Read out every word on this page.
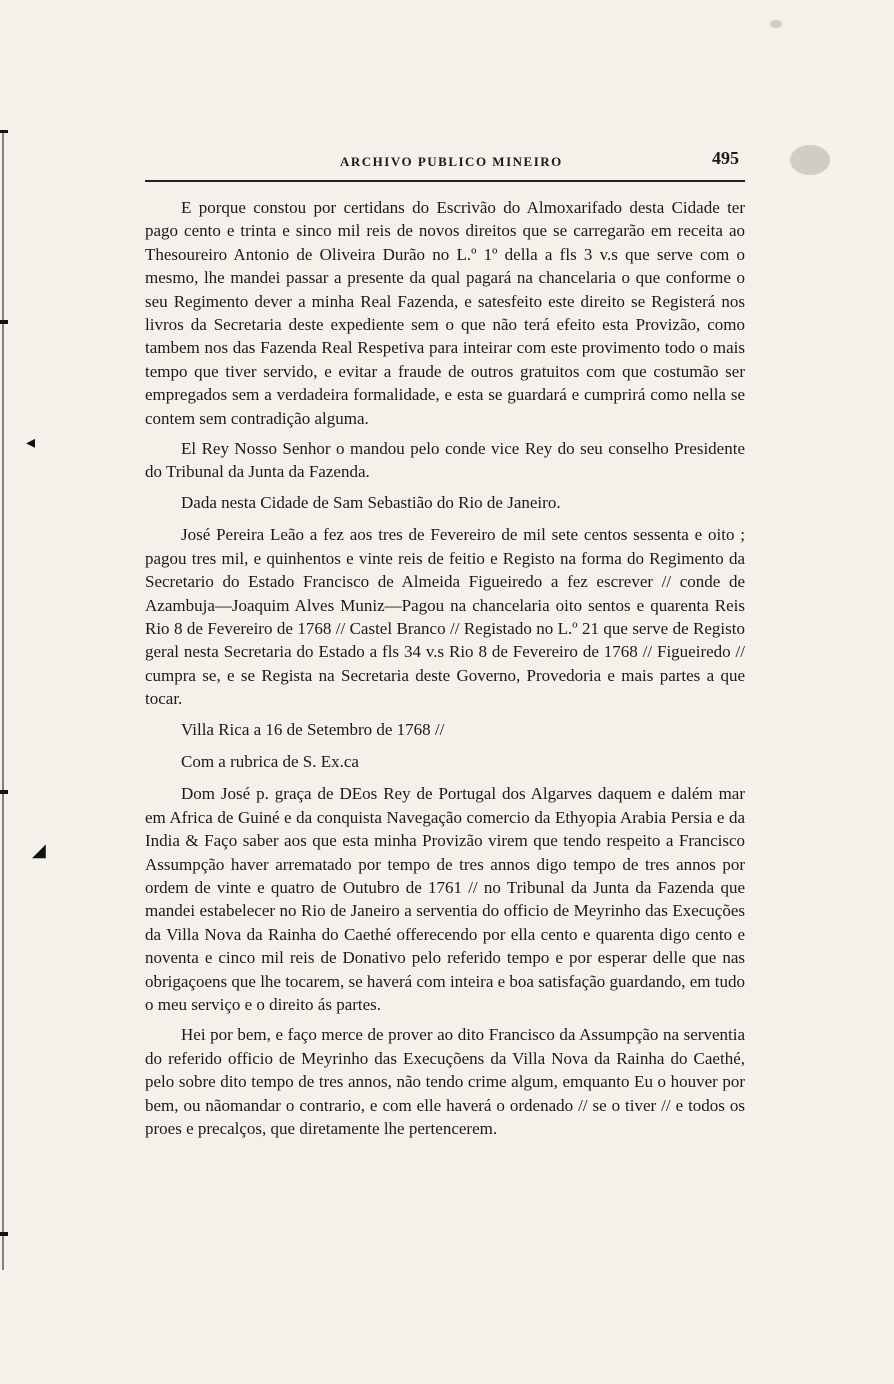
◂
◢
ARCHIVO PUBLICO MINEIRO	495

E porque constou por certidans do Escrivão do Almoxarifado desta Cidade ter pago cento e trinta e sinco mil reis de novos direitos que se carregarão em receita ao Thesoureiro Antonio de Oliveira Durão no L.º 1º della a fls 3 v.s que serve com o mesmo, lhe mandei passar a presente da qual pagará na chancelaria o que conforme o seu Regimento dever a minha Real Fazenda, e satesfeito este direito se Registerá nos livros da Secretaria deste expediente sem o que não terá efeito esta Provizão, como tambem nos das Fazenda Real Respetiva para inteirar com este provimento todo o mais tempo que tiver servido, e evitar a fraude de outros gratuitos com que costumão ser empregados sem a verdadeira formalidade, e esta se guardará e cumprirá como nella se contem sem contradição alguma.

El Rey Nosso Senhor o mandou pelo conde vice Rey do seu conselho Presidente do Tribunal da Junta da Fazenda.

Dada nesta Cidade de Sam Sebastião do Rio de Janeiro.

José Pereira Leão a fez aos tres de Fevereiro de mil sete centos sessenta e oito ; pagou tres mil, e quinhentos e vinte reis de feitio e Registo na forma do Regimento da Secretario do Estado Francisco de Almeida Figueiredo a fez escrever // conde de Azambuja—Joaquim Alves Muniz—Pagou na chancelaria oito sentos e quarenta Reis Rio 8 de Fevereiro de 1768 // Castel Branco // Registado no L.º 21 que serve de Registo geral nesta Secretaria do Estado a fls 34 v.s Rio 8 de Fevereiro de 1768 // Figueiredo // cumpra se, e se Regista na Secretaria deste Governo, Provedoria e mais partes a que tocar.

Villa Rica a 16 de Setembro de 1768 //

Com a rubrica de S. Ex.ca

Dom José p. graça de DEos Rey de Portugal dos Algarves daquem e dalém mar em Africa de Guiné e da conquista Navegação comercio da Ethyopia Arabia Persia e da India & Faço saber aos que esta minha Provizão virem que tendo respeito a Francisco Assumpção haver arrematado por tempo de tres annos digo tempo de tres annos por ordem de vinte e quatro de Outubro de 1761 // no Tribunal da Junta da Fazenda que mandei estabelecer no Rio de Janeiro a serventia do officio de Meyrinho das Execuções da Villa Nova da Rainha do Caethé offerecendo por ella cento e quarenta digo cento e noventa e cinco mil reis de Donativo pelo referido tempo e por esperar delle que nas obrigaçoens que lhe tocarem, se haverá com inteira e boa satisfação guardando, em tudo o meu serviço e o direito ás partes.

Hei por bem, e faço merce de prover ao dito Francisco da Assumpção na serventia do referido officio de Meyrinho das Execuçõens da Villa Nova da Rainha do Caethé, pelo sobre dito tempo de tres annos, não tendo crime algum, emquanto Eu o houver por bem, ou nãomandar o contrario, e com elle haverá o ordenado // se o tiver // e todos os proes e precalços, que diretamente lhe pertencerem.
